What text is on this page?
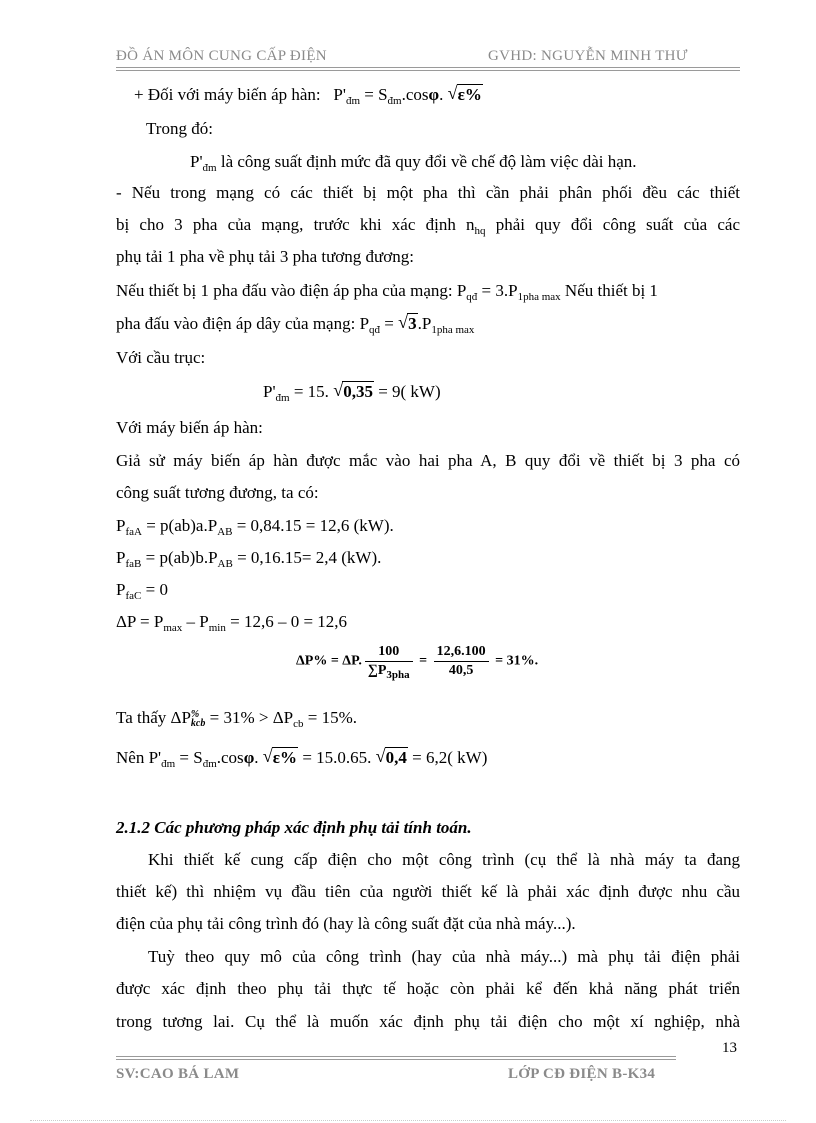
ĐỒ ÁN MÔN CUNG CẤP ĐIỆN	GVHD: NGUYỄN MINH THƯ
+ Đối với máy biến áp hàn: $P'_{đm} = S_{đm}.\cos\varphi$. √ ε%
Trong đó:
$P'_{đm}$ là công suất định mức đã quy đổi về chế độ làm việc dài hạn.
- Nếu trong mạng có các thiết bị một pha thì cần phải phân phối đều các thiết
bị cho 3 pha của mạng, trước khi xác định $n_{hq}$ phải quy đổi công suất của các
phụ tải 1 pha về phụ tải 3 pha tương đương:
Nếu thiết bị 1 pha đấu vào điện áp pha của mạng: $P_{qđ} = 3.P_{1pha max}$ Nếu thiết bị 1
pha đấu vào điện áp dây của mạng: $P_{qđ}$ = √ $3.P_{1pha max}$
Với cầu trục:
$P'_{đm} = 15$. √ 0,35 = 9( kW)
Với máy biến áp hàn:
Giả sử máy biến áp hàn được mắc vào hai pha A, B quy đổi về thiết bị 3 pha có
công suất tương đương, ta có:
$P_{faA} = p(ab)a.P_{AB} = 0,84.15 = 12,6$ (kW).
$P_{faB} = p(ab)b.P_{AB} = 0,16.15= 2,4$ (kW).
$P_{faC} = 0$
$\Delta P = P_{max} - P_{min} = 12,6 - 0 = 12,6$
ΔP% = ΔP. $\frac{100}{\sum P_{3pha}} = \frac{12,6.100}{40,5} = 31\%$.
Ta thấy ΔP %
kcb = $31\% > \Delta P_{cb} = 15\%$.
Nên $P'_{đm} = S_{đm}.\cos\varphi$. √ ε% = 15.0.65. √ 0,4 = 6,2( kW)
2.1.2 Các phương pháp xác định phụ tải tính toán.
Khi thiết kế cung cấp điện cho một công trình (cụ thể là nhà máy ta đang
thiết kế) thì nhiệm vụ đầu tiên của người thiết kế là phải xác định được nhu cầu
điện của phụ tải công trình đó (hay là công suất đặt của nhà máy...).
Tuỳ theo quy mô của công trình (hay của nhà máy...) mà phụ tải điện phải
được xác định theo phụ tải thực tế hoặc còn phải kể đến khả năng phát triển
trong tương lai. Cụ thể là muốn xác định phụ tải điện cho một xí nghiệp, nhà
13
SV:CAO BÁ LAM	LỚP CĐ ĐIỆN B-K34
